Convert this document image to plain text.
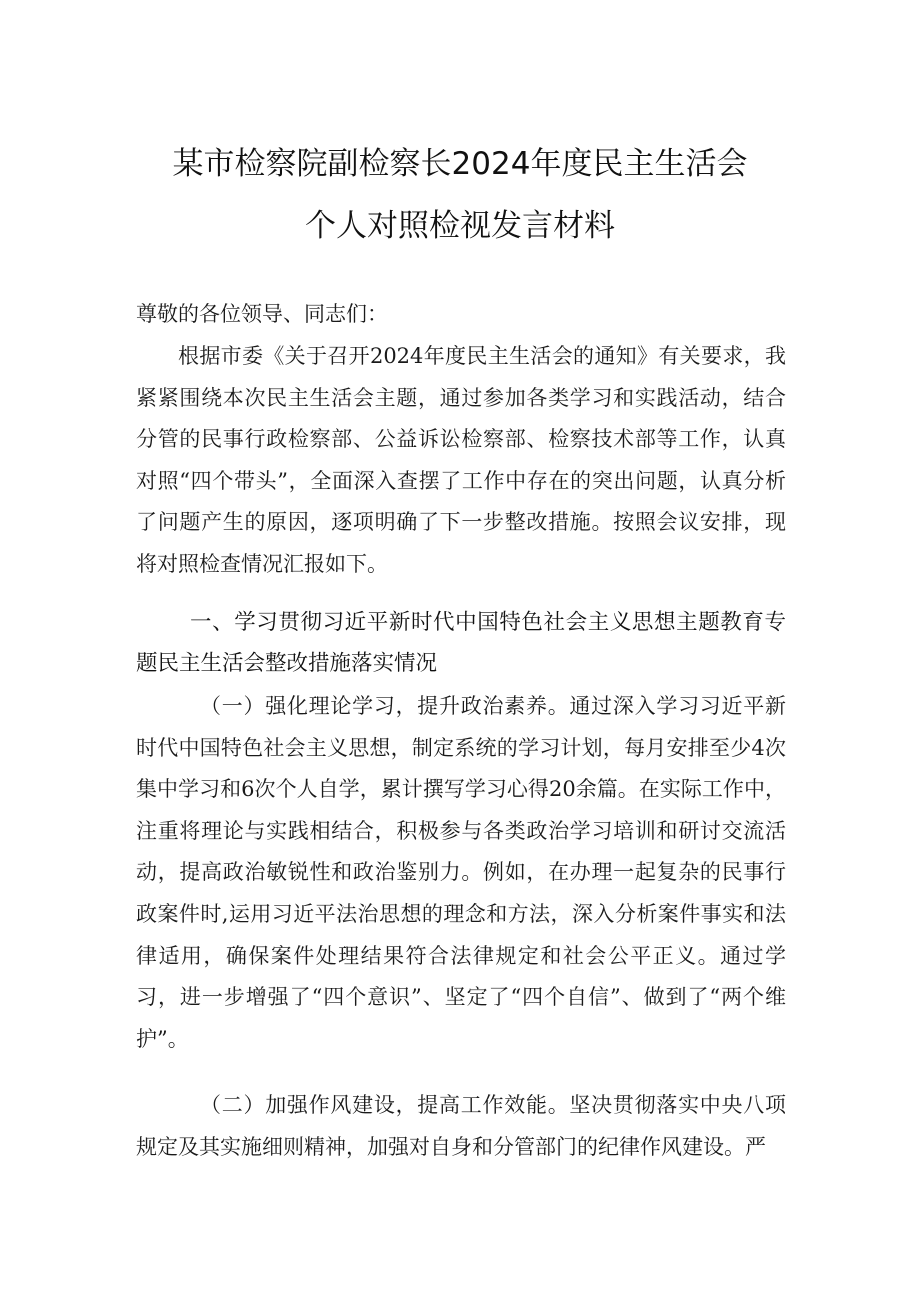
某市检察院副检察长2024年度民主生活会
个人对照检视发言材料
尊敬的各位领导、同志们：
根据市委《关于召开2024年度民主生活会的通知》有关要求，我紧紧围绕本次民主生活会主题，通过参加各类学习和实践活动，结合分管的民事行政检察部、公益诉讼检察部、检察技术部等工作，认真对照“四个带头”，全面深入查摆了工作中存在的突出问题，认真分析了问题产生的原因，逐项明确了下一步整改措施。按照会议安排，现将对照检查情况汇报如下。
一、学习贯彻习近平新时代中国特色社会主义思想主题教育专题民主生活会整改措施落实情况
（一）强化理论学习，提升政治素养。通过深入学习习近平新时代中国特色社会主义思想，制定系统的学习计划，每月安排至少4次集中学习和6次个人自学，累计撰写学习心得20余篇。在实际工作中，注重将理论与实践相结合，积极参与各类政治学习培训和研讨交流活动，提高政治敏锐性和政治鉴别力。例如，在办理一起复杂的民事行政案件时,运用习近平法治思想的理念和方法，深入分析案件事实和法律适用，确保案件处理结果符合法律规定和社会公平正义。通过学习，进一步增强了“四个意识”、坚定了“四个自信”、做到了“两个维护”。
（二）加强作风建设，提高工作效能。坚决贯彻落实中央八项规定及其实施细则精神，加强对自身和分管部门的纪律作风建设。严
